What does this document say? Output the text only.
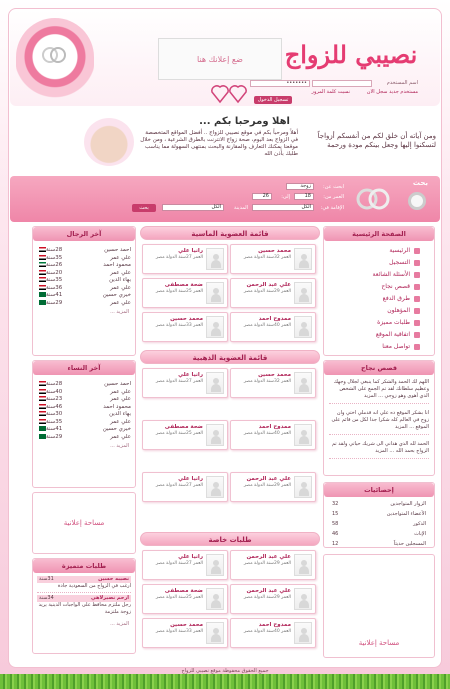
ضع إعلانك هنا	نصيبي للزواج
اسم المستخدم
مستخدم جديد سجل الان
•••••••
نسيت كلمة المرور
تسجيل الدخول
اهلا ومرحبا بكم ...
أهلاً ومرحباً بكم في موقع نصيبي للزواج .. أفضل المواقع المتخصصة في الزواج بعد اليوم، صحة زواج الانترنت بالطرق الشرعية ، ومن خلال موقعنا يمكنك التعارف والمقارنة والبحث بمنتهى السهولة مما يناسب طلبك بأذن الله
ومن آياته أن خلق لكم من أنفسكم أزواجاً لتسكنوا إليها وجعل بينكم مودة ورحمة
بحث
ابحث عن:
زوجة
العمر من:
18
إلى:
26
الإقامة في:
الكل
المدينة
الكل
بحث
الصفحة الرئيسية
الرئيسية
التسجيل
الأسئلة الشائعة
قصص نجاح
طرق الدفع
المؤهلون
طلبات مميزة
اتفاقية الموقع
تواصل معنا
قصص نجاح
اللهم لك الحمد والشكر كما ينبغي لجلال وجهك وعظيم سلطانك لقد تم الجمع على الشخص الذي أهوى وهو زوجي ... المزيد
انا بشكر الموقع ده علي انه قدملي اختي وان زوج في العالم كله شكرا جدا لكل من قائم على الموقع ... المزيد
الحمد لله الذي هداني الى شريك حياتي ولقد تم الزواج بحمد الله ... المزيد
إحصائيات
الزوار المتواجدين
32
الأعضاء المتواجدين
15
الذكور
58
الإناث
46
المسجلين حديثاً
12
مساحة إعلانية
آخر الرجال
احمد حسين
28سنة
علي عمر
35سنة
محمود احمد
26سنة
علي عمر
20سنة
بهاء الدين
35سنة
علي عمر
36سنة
خيري حسين
41سنة
علي عمر
29سنة
المزيد ...
آخر النساء
احمد حسين
28سنة
علي عمر
40سنة
علي عمر
23سنة
محمود احمد
46سنة
بهاء الدين
30سنة
علي عمر
35سنة
خيري حسين
41سنة
علي عمر
29سنة
المزيد ...
مساحة إعلانية
طلبات متميزة
نصيبه حسين
31سنة
ارغب في الزواج من السعودية جادة
ارحم نصيرلاهي
34سنة
رجل ملتزم محافظ على الواجبات الدينية يريد زوجة ملتزمة
المزيد ...
قائمة العضوية الماسية
قائمة العضوية الذهبية
طلبات خاصة
محمد حسين
العمر 32سنة الدولة مصر
رانيا علي
العمر 27سنة الدولة مصر
علي عبد الرحمن
العمر 29سنة الدولة مصر
ضحة مصطفى
العمر 25سنة الدولة مصر
ممدوح احمد
العمر 40سنة الدولة مصر
محمد حسين
العمر 33سنة الدولة مصر
محمد حسين
العمر 32سنة الدولة مصر
رانيا علي
العمر 27سنة الدولة مصر
ممدوح احمد
العمر 40سنة الدولة مصر
ضحة مصطفى
العمر 25سنة الدولة مصر
علي عبد الرحمن
العمر 29سنة الدولة مصر
رانيا علي
العمر 27سنة الدولة مصر
علي عبد الرحمن
العمر 29سنة الدولة مصر
رانيا علي
العمر 27سنة الدولة مصر
علي عبد الرحمن
العمر 29سنة الدولة مصر
ضحة مصطفى
العمر 25سنة الدولة مصر
ممدوح احمد
العمر 40سنة الدولة مصر
محمد حسين
العمر 33سنة الدولة مصر
جميع الحقوق محفوظة موقع نصيبي للزواج
